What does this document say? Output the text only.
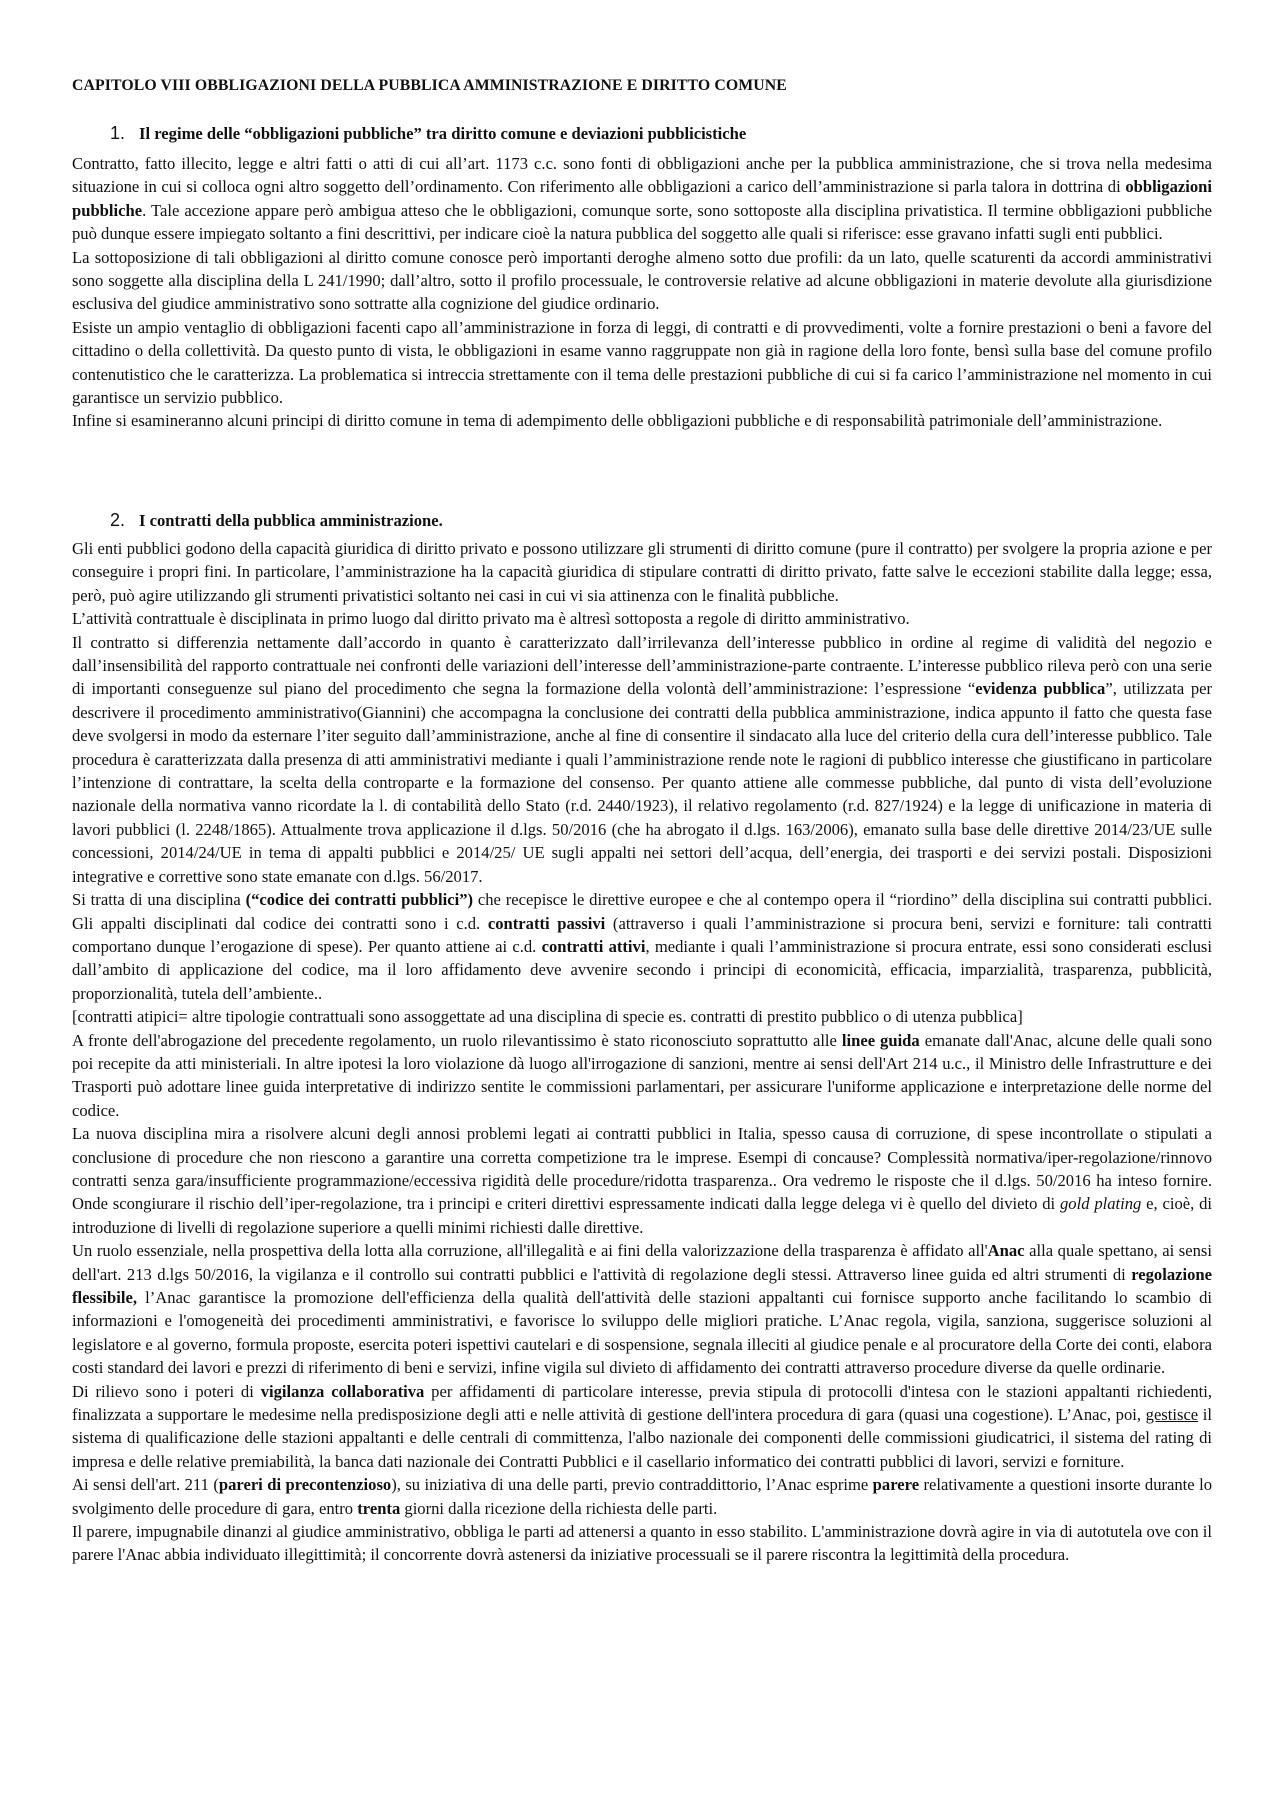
CAPITOLO VIII OBBLIGAZIONI DELLA PUBBLICA AMMINISTRAZIONE E DIRITTO COMUNE
1. Il regime delle “obbligazioni pubbliche” tra diritto comune e deviazioni pubblicistiche

Contratto, fatto illecito, legge e altri fatti o atti di cui all’art. 1173 c.c. sono fonti di obbligazioni anche per la pubblica amministrazione, che si trova nella medesima situazione in cui si colloca ogni altro soggetto dell’ordinamento. Con riferimento alle obbligazioni a carico dell’amministrazione si parla talora in dottrina di obbligazioni pubbliche. Tale accezione appare però ambigua atteso che le obbligazioni, comunque sorte, sono sottoposte alla disciplina privatistica. Il termine obbligazioni pubbliche può dunque essere impiegato soltanto a fini descrittivi, per indicare cioè la natura pubblica del soggetto alle quali si riferisce: esse gravano infatti sugli enti pubblici.

La sottoposizione di tali obbligazioni al diritto comune conosce però importanti deroghe almeno sotto due profili: da un lato, quelle scaturenti da accordi amministrativi sono soggette alla disciplina della L 241/1990; dall’altro, sotto il profilo processuale, le controversie relative ad alcune obbligazioni in materie devolute alla giurisdizione esclusiva del giudice amministrativo sono sottratte alla cognizione del giudice ordinario.

Esiste un ampio ventaglio di obbligazioni facenti capo all’amministrazione in forza di leggi, di contratti e di provvedimenti, volte a fornire prestazioni o beni a favore del cittadino o della collettività. Da questo punto di vista, le obbligazioni in esame vanno raggruppate non già in ragione della loro fonte, bensì sulla base del comune profilo contenutistico che le caratterizza. La problematica si intreccia strettamente con il tema delle prestazioni pubbliche di cui si fa carico l’amministrazione nel momento in cui garantisce un servizio pubblico.

Infine si esamineranno alcuni principi di diritto comune in tema di adempimento delle obbligazioni pubbliche e di responsabilità patrimoniale dell’amministrazione.

2. I contratti della pubblica amministrazione.

Gli enti pubblici godono della capacità giuridica di diritto privato e possono utilizzare gli strumenti di diritto comune (pure il contratto) per svolgere la propria azione e per conseguire i propri fini. In particolare, l’amministrazione ha la capacità giuridica di stipulare contratti di diritto privato, fatte salve le eccezioni stabilite dalla legge; essa, però, può agire utilizzando gli strumenti privatistici soltanto nei casi in cui vi sia attinenza con le finalità pubbliche.

L’attività contrattuale è disciplinata in primo luogo dal diritto privato ma è altresì sottoposta a regole di diritto amministrativo.

Il contratto si differenzia nettamente dall’accordo in quanto è caratterizzato dall’irrilevanza dell’interesse pubblico in ordine al regime di validità del negozio e dall’insensibilità del rapporto contrattuale nei confronti delle variazioni dell’interesse dell’amministrazione-parte contraente. L’interesse pubblico rileva però con una serie di importanti conseguenze sul piano del procedimento che segna la formazione della volontà dell’amministrazione: l’espressione “evidenza pubblica”, utilizzata per descrivere il procedimento amministrativo(Giannini) che accompagna la conclusione dei contratti della pubblica amministrazione, indica appunto il fatto che questa fase deve svolgersi in modo da esternare l’iter seguito dall’amministrazione, anche al fine di consentire il sindacato alla luce del criterio della cura dell’interesse pubblico. Tale procedura è caratterizzata dalla presenza di atti amministrativi mediante i quali l’amministrazione rende note le ragioni di pubblico interesse che giustificano in particolare l’intenzione di contrattare, la scelta della controparte e la formazione del consenso. Per quanto attiene alle commesse pubbliche, dal punto di vista dell’evoluzione nazionale della normativa vanno ricordate la l. di contabilità dello Stato (r.d. 2440/1923), il relativo regolamento (r.d. 827/1924) e la legge di unificazione in materia di lavori pubblici (l. 2248/1865). Attualmente trova applicazione il d.lgs. 50/2016 (che ha abrogato il d.lgs. 163/2006), emanato sulla base delle direttive 2014/23/UE sulle concessioni, 2014/24/UE in tema di appalti pubblici e 2014/25/ UE sugli appalti nei settori dell’acqua, dell’energia, dei trasporti e dei servizi postali. Disposizioni integrative e correttive sono state emanate con d.lgs. 56/2017.

Si tratta di una disciplina (“codice dei contratti pubblici”) che recepisce le direttive europee e che al contempo opera il “riordino” della disciplina sui contratti pubblici. Gli appalti disciplinati dal codice dei contratti sono i c.d. contratti passivi (attraverso i quali l’amministrazione si procura beni, servizi e forniture: tali contratti comportano dunque l’erogazione di spese). Per quanto attiene ai c.d. contratti attivi, mediante i quali l’amministrazione si procura entrate, essi sono considerati esclusi dall’ambito di applicazione del codice, ma il loro affidamento deve avvenire secondo i principi di economicità, efficacia, imparzialità, trasparenza, pubblicità, proporzionalità, tutela dell’ambiente..

[contratti atipici= altre tipologie contrattuali sono assoggettate ad una disciplina di specie es. contratti di prestito pubblico o di utenza pubblica]

A fronte dell'abrogazione del precedente regolamento, un ruolo rilevantissimo è stato riconosciuto soprattutto alle linee guida emanate dall'Anac, alcune delle quali sono poi recepite da atti ministeriali. In altre ipotesi la loro violazione dà luogo all'irrogazione di sanzioni, mentre ai sensi dell'Art 214 u.c., il Ministro delle Infrastrutture e dei Trasporti può adottare linee guida interpretative di indirizzo sentite le commissioni parlamentari, per assicurare l'uniforme applicazione e interpretazione delle norme del codice.

La nuova disciplina mira a risolvere alcuni degli annosi problemi legati ai contratti pubblici in Italia, spesso causa di corruzione, di spese incontrollate o stipulati a conclusione di procedure che non riescono a garantire una corretta competizione tra le imprese. Esempi di concause? Complessità normativa/iper-regolazione/rinnovo contratti senza gara/insufficiente programmazione/eccessiva rigidità delle procedure/ridotta trasparenza.. Ora vedremo le risposte che il d.lgs. 50/2016 ha inteso fornire. Onde scongiurare il rischio dell’iper-regolazione, tra i principi e criteri direttivi espressamente indicati dalla legge delega vi è quello del divieto di gold plating e, cioè, di introduzione di livelli di regolazione superiore a quelli minimi richiesti dalle direttive.

Un ruolo essenziale, nella prospettiva della lotta alla corruzione, all'illegalità e ai fini della valorizzazione della trasparenza è affidato all'Anac alla quale spettano, ai sensi dell'art. 213 d.lgs 50/2016, la vigilanza e il controllo sui contratti pubblici e l'attività di regolazione degli stessi. Attraverso linee guida ed altri strumenti di regolazione flessibile, l’Anac garantisce la promozione dell'efficienza della qualità dell'attività delle stazioni appaltanti cui fornisce supporto anche facilitando lo scambio di informazioni e l'omogeneità dei procedimenti amministrativi, e favorisce lo sviluppo delle migliori pratiche. L’Anac regola, vigila, sanziona, suggerisce soluzioni al legislatore e al governo, formula proposte, esercita poteri ispettivi cautelari e di sospensione, segnala illeciti al giudice penale e al procuratore della Corte dei conti, elabora costi standard dei lavori e prezzi di riferimento di beni e servizi, infine vigila sul divieto di affidamento dei contratti attraverso procedure diverse da quelle ordinarie.

Di rilievo sono i poteri di vigilanza collaborativa per affidamenti di particolare interesse, previa stipula di protocolli d'intesa con le stazioni appaltanti richiedenti, finalizzata a supportare le medesime nella predisposizione degli atti e nelle attività di gestione dell'intera procedura di gara (quasi una cogestione). L’Anac, poi, gestisce il sistema di qualificazione delle stazioni appaltanti e delle centrali di committenza, l'albo nazionale dei componenti delle commissioni giudicatrici, il sistema del rating di impresa e delle relative premiabilità, la banca dati nazionale dei Contratti Pubblici e il casellario informatico dei contratti pubblici di lavori, servizi e forniture.

Ai sensi dell'art. 211 (pareri di precontenzioso), su iniziativa di una delle parti, previo contraddittorio, l’Anac esprime parere relativamente a questioni insorte durante lo svolgimento delle procedure di gara, entro trenta giorni dalla ricezione della richiesta delle parti.

Il parere, impugnabile dinanzi al giudice amministrativo, obbliga le parti ad attenersi a quanto in esso stabilito. L'amministrazione dovrà agire in via di autotutela ove con il parere l'Anac abbia individuato illegittimità; il concorrente dovrà astenersi da iniziative processuali se il parere riscontra la legittimità della procedura.
